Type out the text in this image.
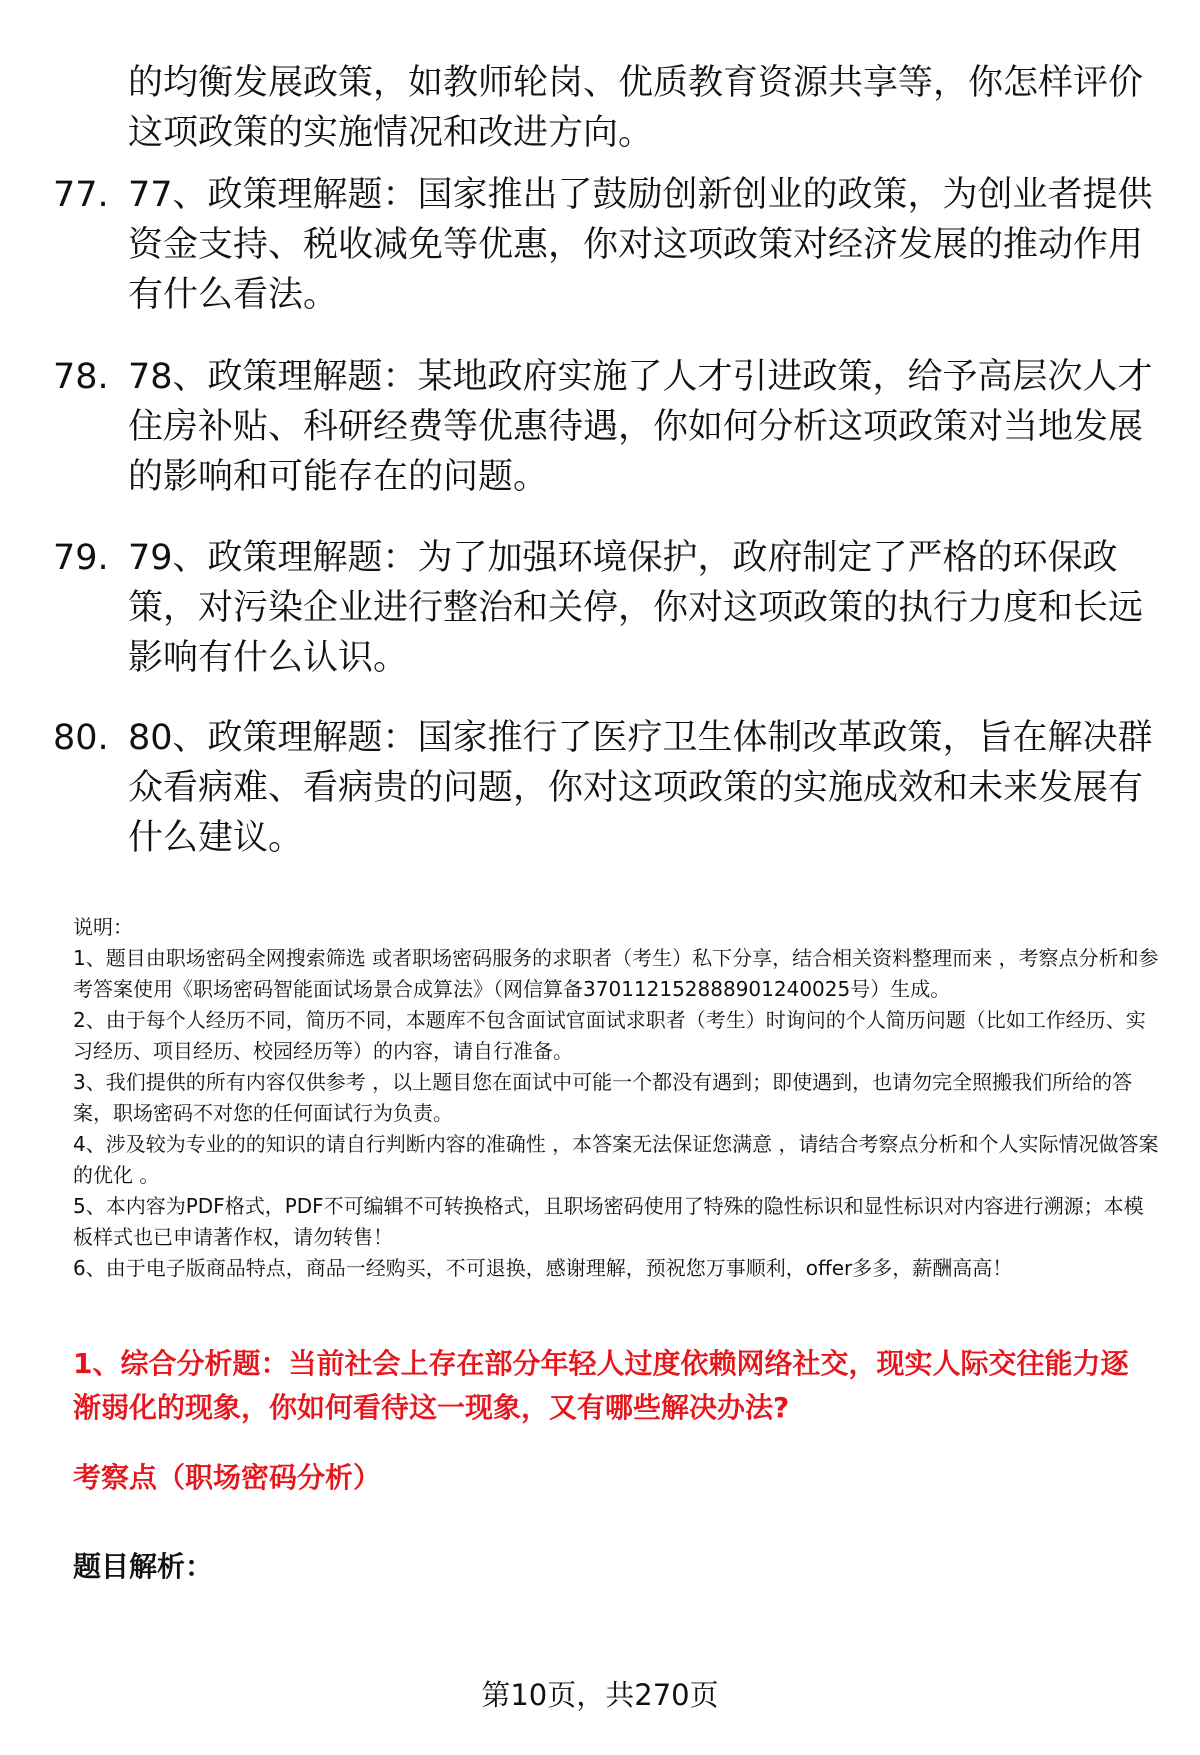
的均衡发展政策，如教师轮岗、优质教育资源共享等，你怎样评价这项政策的实施情况和改进方向。
77. 77、政策理解题：国家推出了鼓励创新创业的政策，为创业者提供资金支持、税收减免等优惠，你对这项政策对经济发展的推动作用有什么看法。
78. 78、政策理解题：某地政府实施了人才引进政策，给予高层次人才住房补贴、科研经费等优惠待遇，你如何分析这项政策对当地发展的影响和可能存在的问题。
79. 79、政策理解题：为了加强环境保护，政府制定了严格的环保政策，对污染企业进行整治和关停，你对这项政策的执行力度和长远影响有什么认识。
80. 80、政策理解题：国家推行了医疗卫生体制改革政策，旨在解决群众看病难、看病贵的问题，你对这项政策的实施成效和未来发展有什么建议。
说明：
1、题目由职场密码全网搜索筛选 或者职场密码服务的求职者（考生）私下分享，结合相关资料整理而来 ，考察点分析和参考答案使用《职场密码智能面试场景合成算法》（网信算备370112152888901240025号）生成。
2、由于每个人经历不同，简历不同，本题库不包含面试官面试求职者（考生）时询问的个人简历问题（比如工作经历、实习经历、项目经历、校园经历等）的内容，请自行准备。
3、我们提供的所有内容仅供参考 ，以上题目您在面试中可能一个都没有遇到；即使遇到，也请勿完全照搬我们所给的答案，职场密码不对您的任何面试行为负责。
4、涉及较为专业的的知识的请自行判断内容的准确性 ，本答案无法保证您满意 ，请结合考察点分析和个人实际情况做答案的优化 。
5、本内容为PDF格式，PDF不可编辑不可转换格式，且职场密码使用了特殊的隐性标识和显性标识对内容进行溯源；本模板样式也已申请著作权，请勿转售！
6、由于电子版商品特点，商品一经购买，不可退换，感谢理解，预祝您万事顺利，offer多多，薪酬高高！
1、综合分析题：当前社会上存在部分年轻人过度依赖网络社交，现实人际交往能力逐渐弱化的现象，你如何看待这一现象，又有哪些解决办法?
考察点（职场密码分析）
题目解析：
第10页，共270页
